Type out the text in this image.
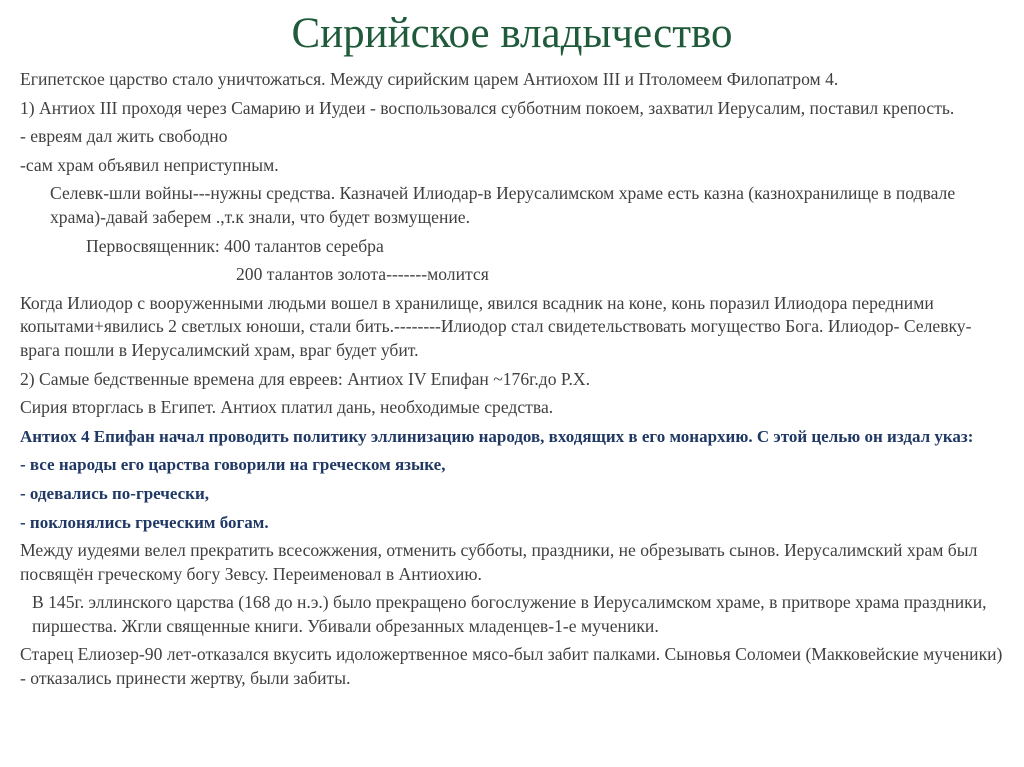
Сирийское владычество

Египетское царство стало уничтожаться. Между сирийским царем Антиохом III и Птоломеем Филопатром 4.

1) Антиох III проходя через Самарию и Иудеи - воспользовался субботним покоем, захватил Иерусалим, поставил крепость.

- евреям дал жить свободно

-сам храм объявил неприступным.

Селевк-шли войны---нужны средства. Казначей Илиодар-в Иерусалимском храме есть казна (казнохранилище в подвале храма)-давай заберем .,т.к знали, что будет возмущение.

Первосвященник: 400 талантов серебра

200 талантов золота-------молится

Когда Илиодор с вооруженными людьми вошел в хранилище, явился всадник на коне, конь поразил Илиодора передними копытами+явились 2 светлых юноши, стали бить.--------Илиодор стал свидетельствовать могущество Бога. Илиодор- Селевку-врага пошли в Иерусалимский храм, враг будет убит.

2) Самые бедственные времена для евреев: Антиох IV Епифан ~176г.до Р.Х.

Сирия вторглась в Египет. Антиох платил дань, необходимые средства.

Антиох 4 Епифан начал проводить политику эллинизацию народов, входящих в его монархию. С этой целью он издал указ:

- все народы его царства говорили на греческом языке,

- одевались по-гречески,

- поклонялись греческим богам.

Между иудеями велел прекратить всесожжения, отменить субботы, праздники, не обрезывать сынов. Иерусалимский храм был посвящён греческому богу Зевсу. Переименовал в Антиохию.

В 145г. эллинского царства (168 до н.э.) было прекращено богослужение в Иерусалимском храме, в притворе храма праздники, пиршества. Жгли священные книги. Убивали обрезанных младенцев-1-е мученики.

Старец Елиозер-90 лет-отказался вкусить идоложертвенное мясо-был забит палками. Сыновья Соломеи (Макковейские мученики) - отказались принести жертву, были забиты.
